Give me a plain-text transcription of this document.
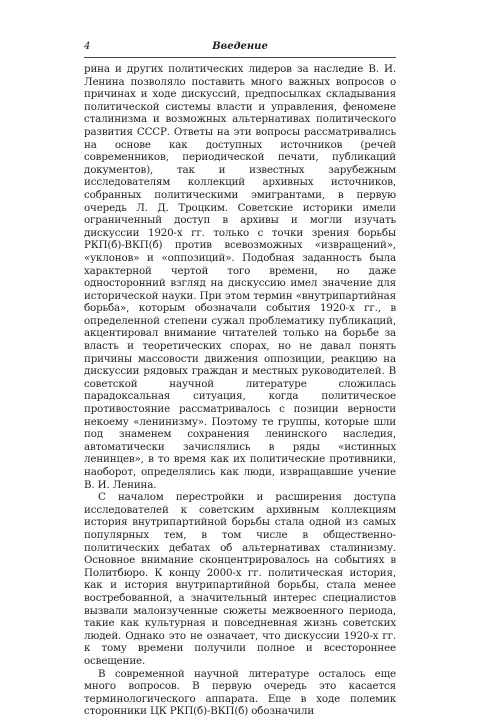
4	Введение

рина и других политических лидеров за наследие В. И. Ленина позволяло поставить много важных вопросов о причинах и ходе дискуссий, предпосылках складывания политической системы власти и управления, феномене сталинизма и возможных альтернативах политического развития СССР. Ответы на эти вопросы рассматривались на основе как доступных источников (речей современников, периодической печати, публикаций документов), так и известных зарубежным исследователям коллекций архивных источников, собранных политическими эмигрантами, в первую очередь Л. Д. Троцким. Советские историки имели ограниченный доступ в архивы и могли изучать дискуссии 1920-х гг. только с точки зрения борьбы РКП(б)-ВКП(б) против всевозможных «извращений», «уклонов» и «оппозиций». Подобная заданность была характерной чертой того времени, но даже односторонний взгляд на дискуссию имел значение для исторической науки. При этом термин «внутрипартийная борьба», которым обозначали события 1920-х гг., в определенной степени сужал проблематику публикаций, акцентировал внимание читателей только на борьбе за власть и теоретических спорах, но не давал понять причины массовости движения оппозиции, реакцию на дискуссии рядовых граждан и местных руководителей. В советской научной литературе сложилась парадоксальная ситуация, когда политическое противостояние рассматривалось с позиции верности некоему «ленинизму». Поэтому те группы, которые шли под знаменем сохранения ленинского наследия, автоматически зачислялись в ряды «истинных ленинцев», в то время как их политические противники, наоборот, определялись как люди, извращавшие учение В. И. Ленина.

С началом перестройки и расширения доступа исследователей к советским архивным коллекциям история внутрипартийной борьбы стала одной из самых популярных тем, в том числе в общественно-политических дебатах об альтернативах сталинизму. Основное внимание сконцентрировалось на событиях в Политбюро. К концу 2000-х гг. политическая история, как и история внутрипартийной борьбы, стала менее востребованной, а значительный интерес специалистов вызвали малоизученные сюжеты межвоенного периода, такие как культурная и повседневная жизнь советских людей. Однако это не означает, что дискуссии 1920-х гг. к тому времени получили полное и всестороннее освещение.

В современной научной литературе осталось еще много вопросов. В первую очередь это касается терминологического аппарата. Еще в ходе полемик сторонники ЦК РКП(б)-ВКП(б) обозначили
